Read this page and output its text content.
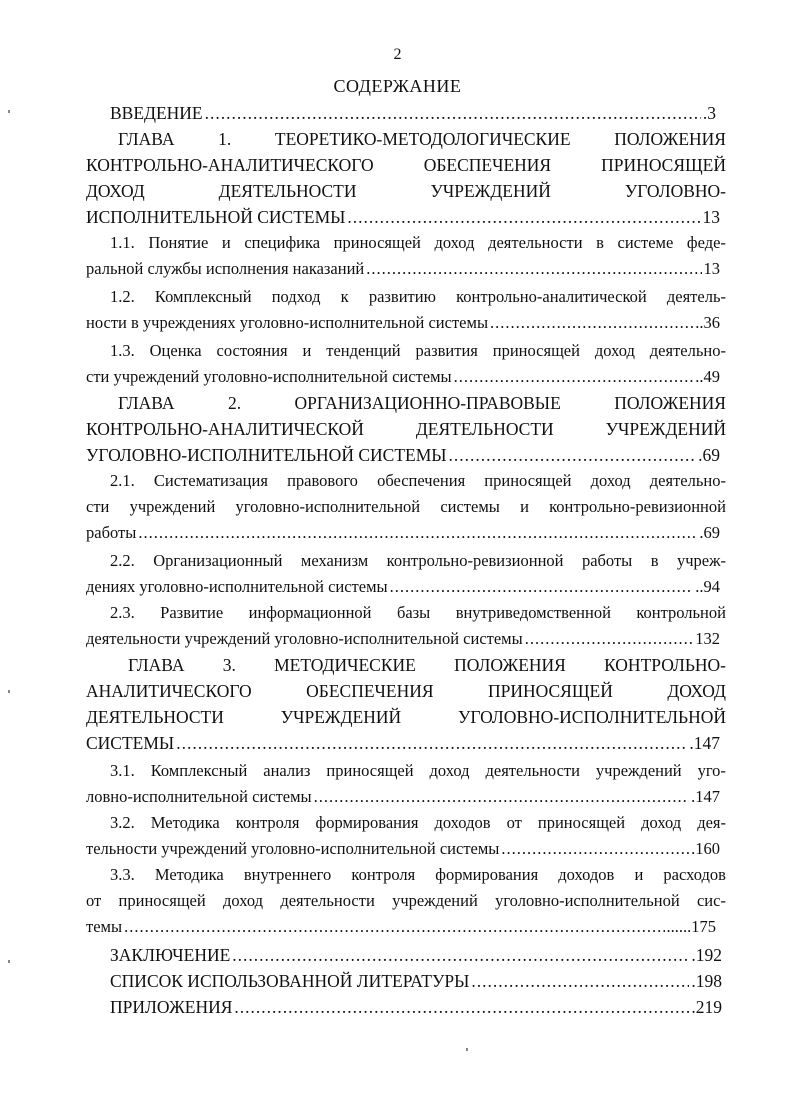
2
СОДЕРЖАНИЕ
ВВЕДЕНИЕ .....	.3
ГЛАВА 1. ТЕОРЕТИКО-МЕТОДОЛОГИЧЕСКИЕ ПОЛОЖЕНИЯ
КОНТРОЛЬНО-АНАЛИТИЧЕСКОГО	ОБЕСПЕЧЕНИЯ	ПРИНОСЯЩЕЙ
ДОХОД	ДЕЯТЕЛЬНОСТИ	УЧРЕЖДЕНИЙ	УГОЛОВНО-
ИСПОЛНИТЕЛЬНОЙ СИСТЕМЫ .....	13
1.1. Понятие и специфика приносящей доход деятельности в системе феде-
ральной службы исполнения наказаний .....	13
1.2. Комплексный подход к развитию контрольно-аналитической деятель-
ности в учреждениях уголовно-исполнительной системы .....	..36
1.3. Оценка состояния и тенденций развития приносящей доход деятельно-
сти учреждений уголовно-исполнительной системы .....	..49
ГЛАВА	2.	ОРГАНИЗАЦИОННО-ПРАВОВЫЕ	ПОЛОЖЕНИЯ
КОНТРОЛЬНО-АНАЛИТИЧЕСКОЙ	ДЕЯТЕЛЬНОСТИ	УЧРЕЖДЕНИЙ
УГОЛОВНО-ИСПОЛНИТЕЛЬНОЙ СИСТЕМЫ .....	.69
2.1. Систематизация правового обеспечения приносящей доход деятельно-
сти учреждений уголовно-исполнительной системы и контрольно-ревизионной
работы .....	.69
2.2. Организационный механизм контрольно-ревизионной работы в учреж-
дениях уголовно-исполнительной системы .....	..94
2.3. Развитие информационной базы внутриведомственной контрольной
деятельности учреждений уголовно-исполнительной системы .....	132
ГЛАВА 3. МЕТОДИЧЕСКИЕ ПОЛОЖЕНИЯ КОНТРОЛЬНО-
АНАЛИТИЧЕСКОГО	ОБЕСПЕЧЕНИЯ	ПРИНОСЯЩЕЙ	ДОХОД
ДЕЯТЕЛЬНОСТИ	УЧРЕЖДЕНИЙ	УГОЛОВНО-ИСПОЛНИТЕЛЬНОЙ
СИСТЕМЫ .....	.147
3.1. Комплексный анализ приносящей доход деятельности учреждений уго-
ловно-исполнительной системы .....	.147
3.2. Методика контроля формирования доходов от приносящей доход дея-
тельности учреждений уголовно-исполнительной системы .....	.160
3.3. Методика внутреннего контроля формирования доходов и расходов
от приносящей доход деятельности учреждений уголовно-исполнительной сис-
темы .....	......175
ЗАКЛЮЧЕНИЕ .....	.192
СПИСОК ИСПОЛЬЗОВАННОЙ ЛИТЕРАТУРЫ .....	.198
ПРИЛОЖЕНИЯ .....	.219
